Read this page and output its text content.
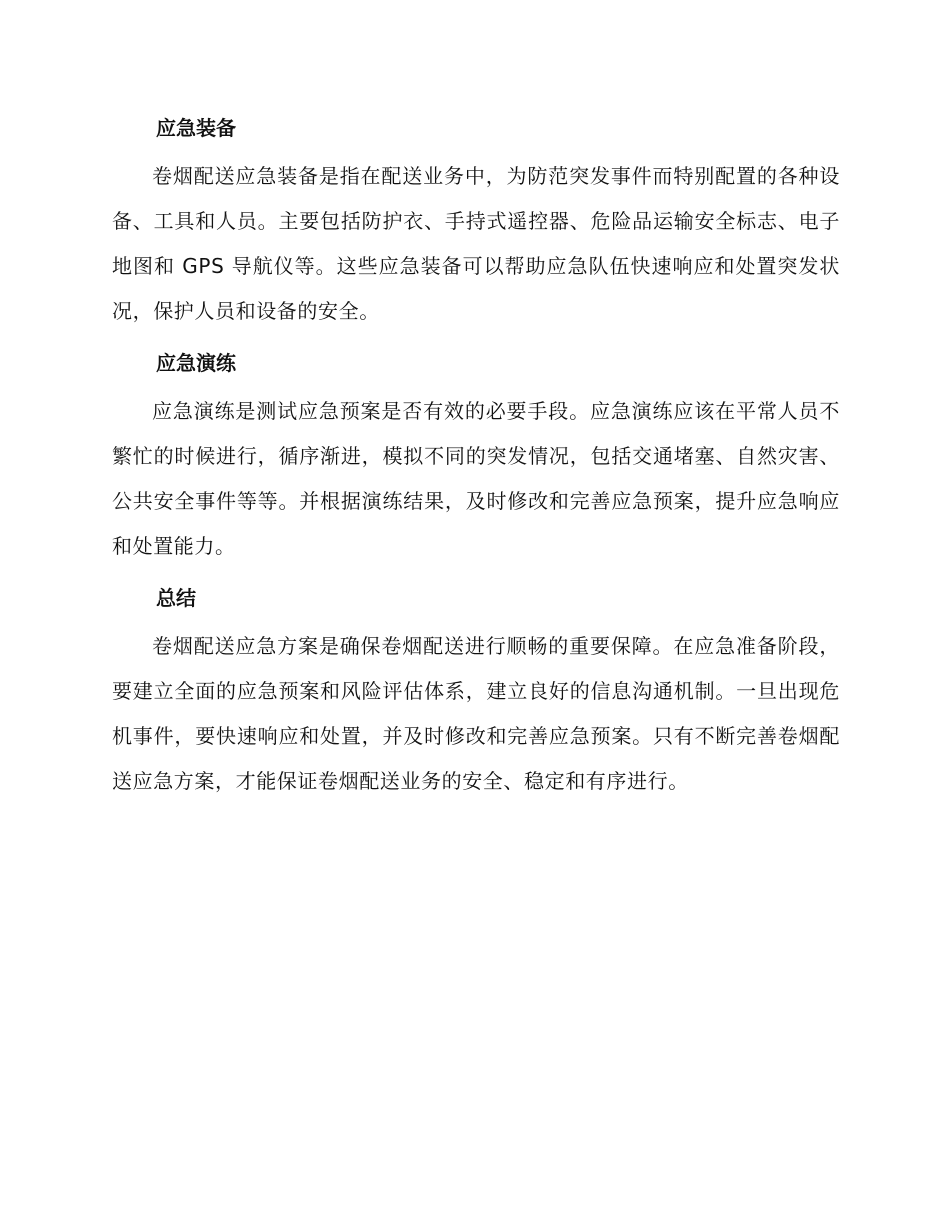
应急装备

卷烟配送应急装备是指在配送业务中，为防范突发事件而特别配置的各种设备、工具和人员。主要包括防护衣、手持式遥控器、危险品运输安全标志、电子地图和 GPS 导航仪等。这些应急装备可以帮助应急队伍快速响应和处置突发状况，保护人员和设备的安全。

应急演练

应急演练是测试应急预案是否有效的必要手段。应急演练应该在平常人员不繁忙的时候进行，循序渐进，模拟不同的突发情况，包括交通堵塞、自然灾害、公共安全事件等等。并根据演练结果，及时修改和完善应急预案，提升应急响应和处置能力。

总结

卷烟配送应急方案是确保卷烟配送进行顺畅的重要保障。在应急准备阶段，要建立全面的应急预案和风险评估体系，建立良好的信息沟通机制。一旦出现危机事件，要快速响应和处置，并及时修改和完善应急预案。只有不断完善卷烟配送应急方案，才能保证卷烟配送业务的安全、稳定和有序进行。
